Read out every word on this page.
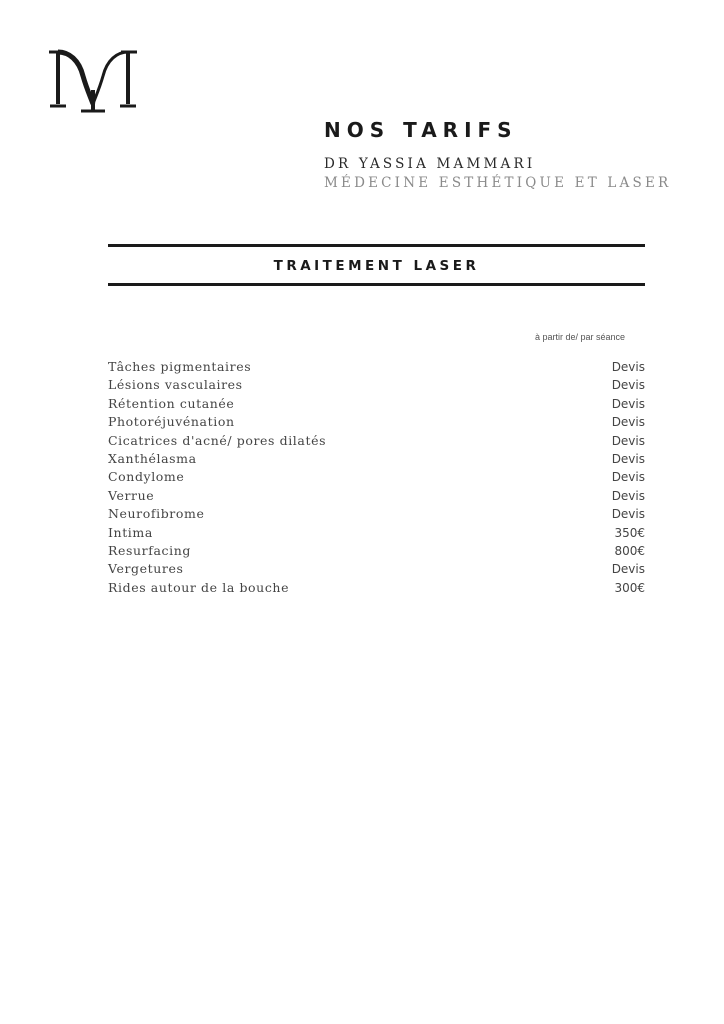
NOS TARIFS
DR YASSIA MAMMARI
MÉDECINE ESTHÉTIQUE ET LASER
TRAITEMENT LASER
à partir de/ par séance
Tâches pigmentaires	Devis
Lésions vasculaires	Devis
Rétention cutanée	Devis
Photoréjuvénation	Devis
Cicatrices d'acné/ pores dilatés	Devis
Xanthélasma	Devis
Condylome	Devis
Verrue	Devis
Neurofibrome	Devis
Intima	350€
Resurfacing	800€
Vergetures	Devis
Rides autour de la bouche	300€
